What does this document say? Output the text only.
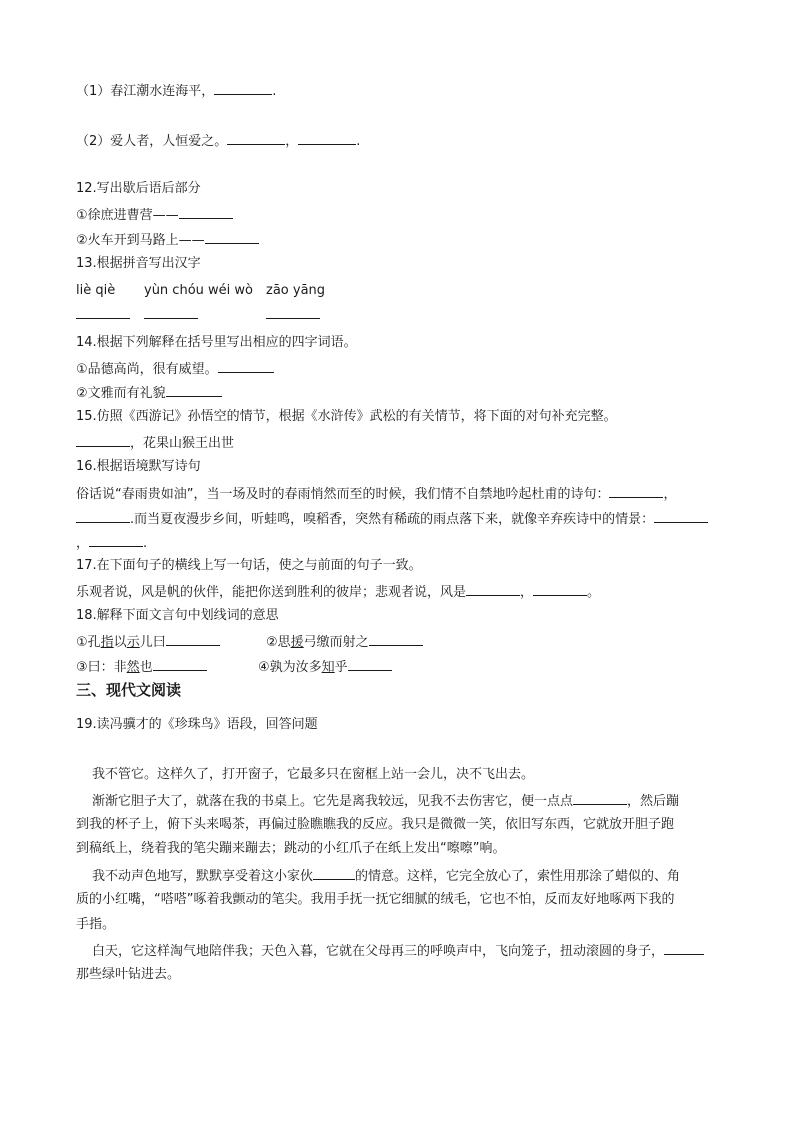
（1）春江潮水连海平，	.
（2）爱人者，人恒爱之。	，	.
12.写出歇后语后部分
①徐庶进曹营——
②火车开到马路上——
13.根据拼音写出汉字
liè qiè yùn chóu wéi wò zāo yāng
14.根据下列解释在括号里写出相应的四字词语。
①品德高尚，很有威望。
②文雅而有礼貌
15.仿照《西游记》孙悟空的情节，根据《水浒传》武松的有关情节，将下面的对句补充完整。
，花果山猴王出世
16.根据语境默写诗句
俗话说“春雨贵如油”，当一场及时的春雨悄然而至的时候，我们情不自禁地吟起杜甫的诗句：	，
.而当夏夜漫步乡间，听蛙鸣，嗅稻香，突然有稀疏的雨点落下来，就像辛弃疾诗中的情景：
，	.
17.在下面句子的横线上写一句话，使之与前面的句子一致。
乐观者说，风是帆的伙伴，能把你送到胜利的彼岸；悲观者说，风是	，	。
18.解释下面文言句中划线词的意思
①孔指以示儿曰	②思援弓缴而射之
③曰：非然也	④孰为汝多知乎
三、现代文阅读
19.读冯骥才的《珍珠鸟》语段，回答问题
我不管它。这样久了，打开窗子，它最多只在窗框上站一会儿，决不飞出去。
渐渐它胆子大了，就落在我的书桌上。它先是离我较远，见我不去伤害它，便一点点	，然后蹦
到我的杯子上，俯下头来喝茶，再偏过脸瞧瞧我的反应。我只是微微一笑，依旧写东西，它就放开胆子跑
到稿纸上，绕着我的笔尖蹦来蹦去；跳动的小红爪子在纸上发出“嚓嚓”响。
我不动声色地写，默默享受着这小家伙	的情意。这样，它完全放心了，索性用那涂了蜡似的、角
质的小红嘴，“嗒嗒”啄着我颤动的笔尖。我用手抚一抚它细腻的绒毛，它也不怕，反而友好地啄两下我的
手指。
白天，它这样淘气地陪伴我；天色入暮，它就在父母再三的呼唤声中，飞向笼子，扭动滚圆的身子，
那些绿叶钻进去。
